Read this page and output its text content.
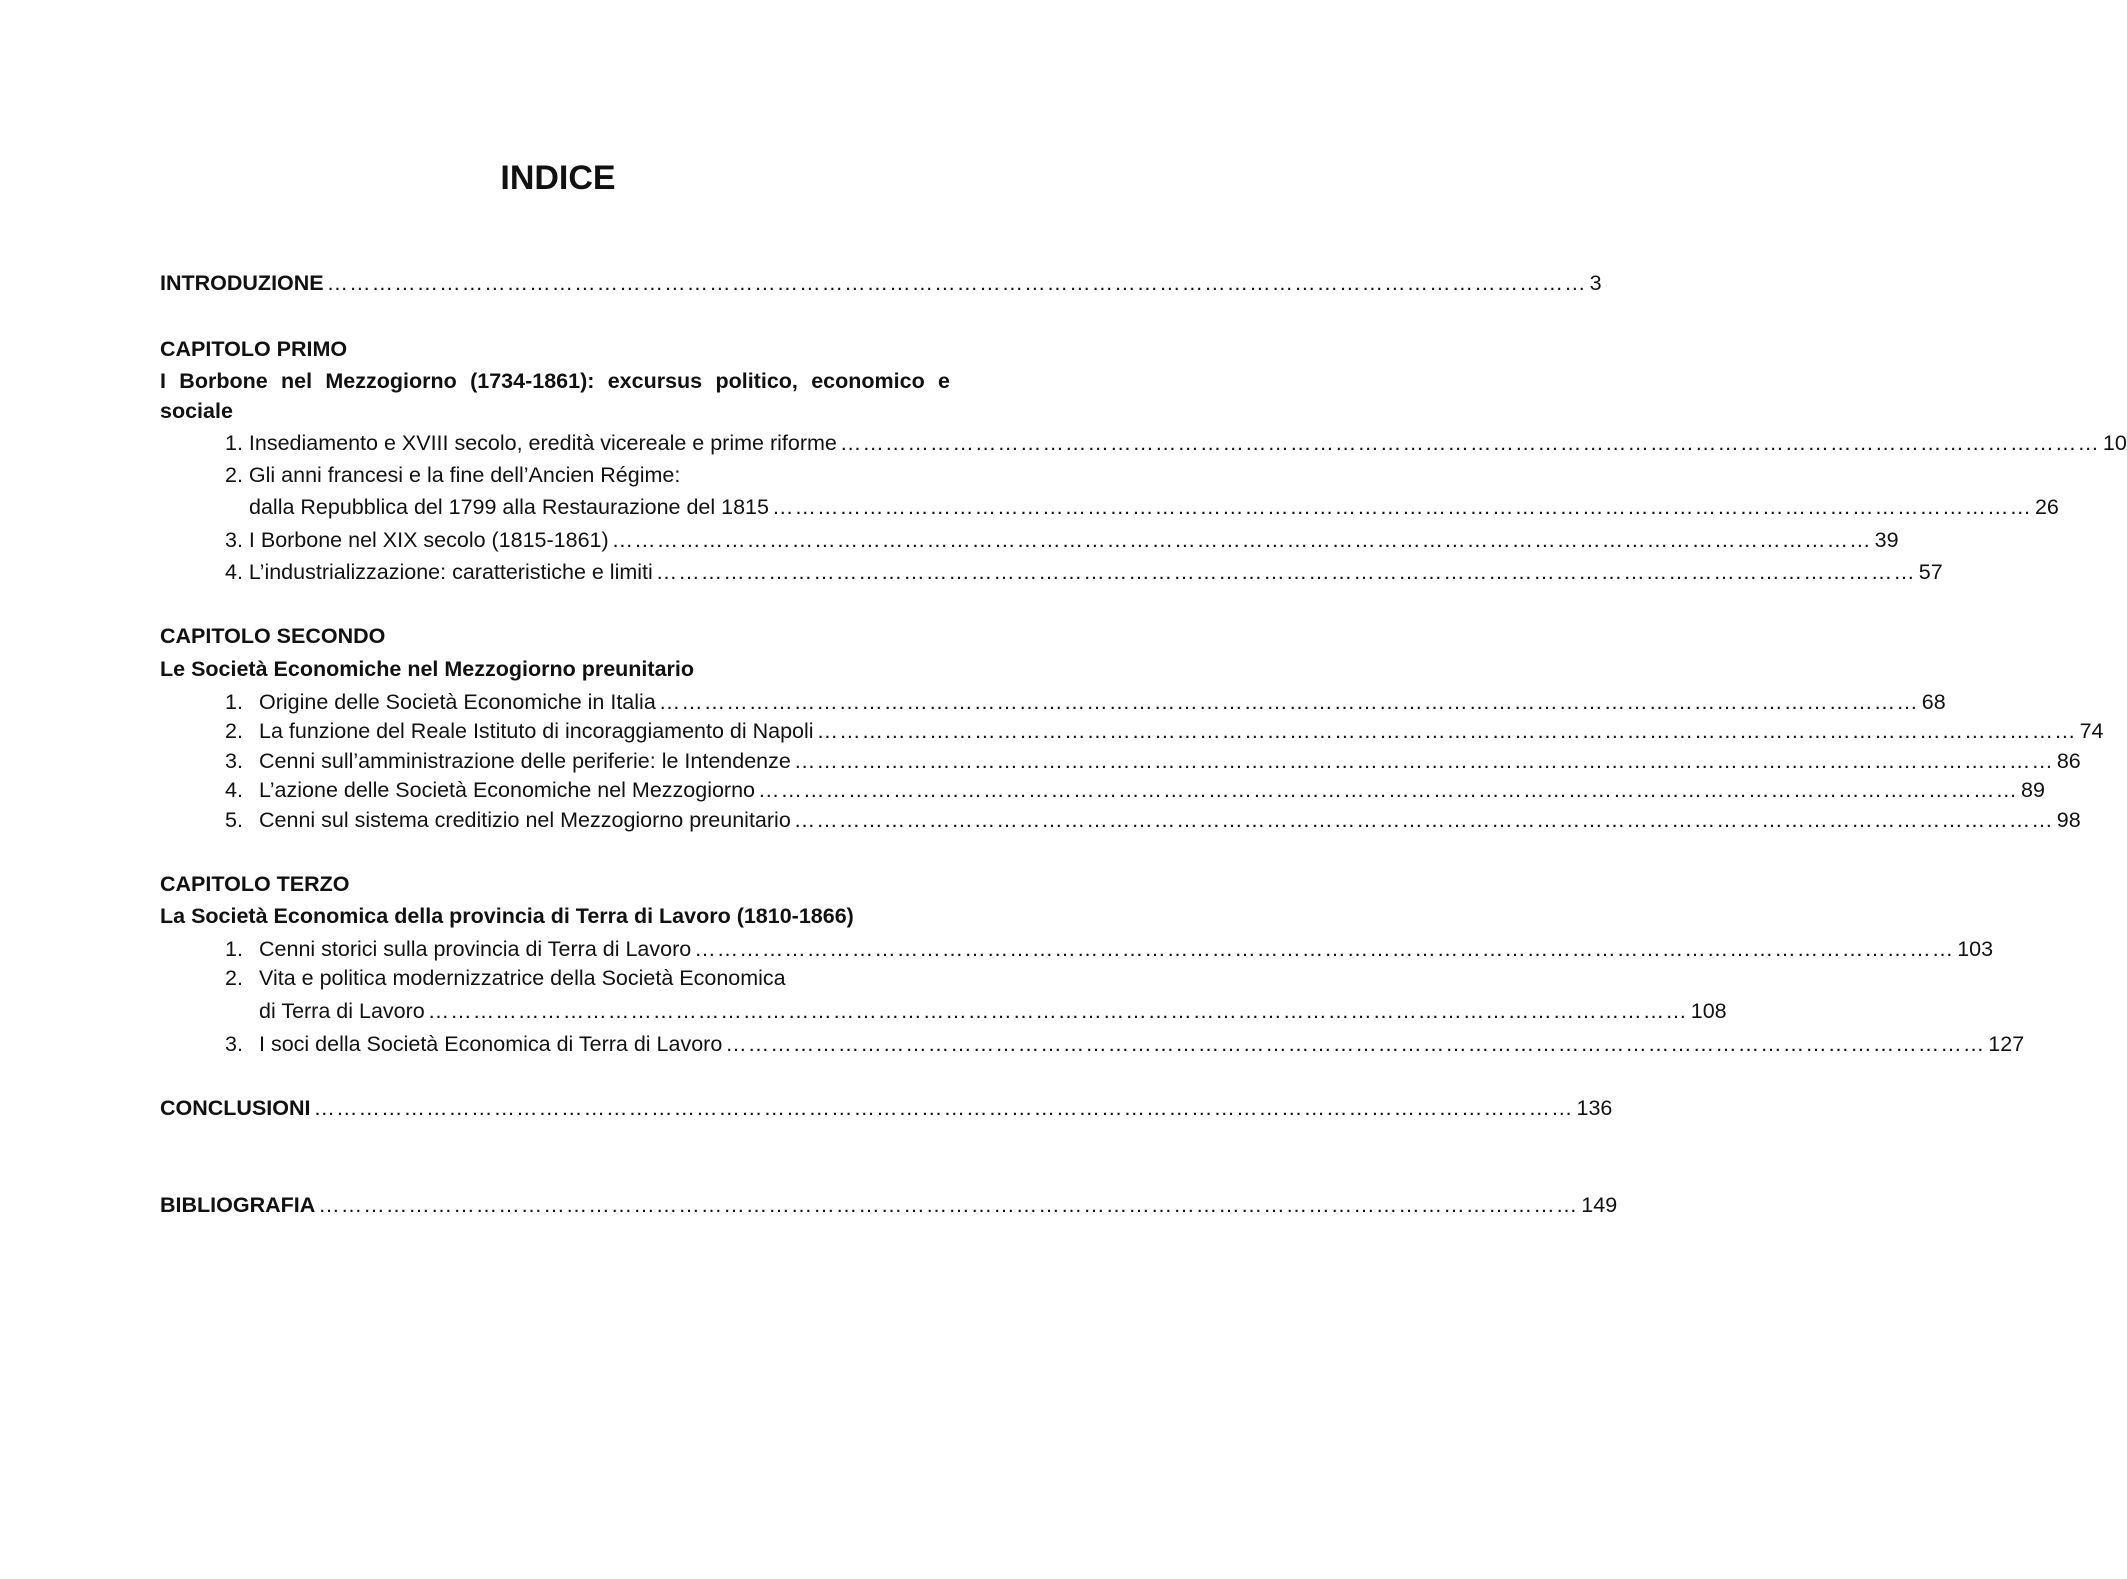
INDICE
INTRODUZIONE …………………………………………………………………………………………………………………………………………………… 3
CAPITOLO PRIMO
I Borbone nel Mezzogiorno (1734-1861): excursus politico, economico e
sociale
1. Insediamento e XVIII secolo, eredità vicereale e prime riforme …………………………………………………………………………………………………………………………………………………… 10
2. Gli anni francesi e la fine dell’Ancien Régime:
dalla Repubblica del 1799 alla Restaurazione del 1815 …………………………………………………………………………………………………………………………………………………… 26
3. I Borbone nel XIX secolo (1815-1861) …………………………………………………………………………………………………………………………………………………… 39
4. L’industrializzazione: caratteristiche e limiti …………………………………………………………………………………………………………………………………………………… 57
CAPITOLO SECONDO
Le Società Economiche nel Mezzogiorno preunitario
1. Origine delle Società Economiche in Italia …………………………………………………………………………………………………………………………………………………… 68
2. La funzione del Reale Istituto di incoraggiamento di Napoli …………………………………………………………………………………………………………………………………………………… 74
3. Cenni sull’amministrazione delle periferie: le Intendenze …………………………………………………………………………………………………………………………………………………… 86
4. L’azione delle Società Economiche nel Mezzogiorno …………………………………………………………………………………………………………………………………………………… 89
5. Cenni sul sistema creditizio nel Mezzogiorno preunitario …………………………………………………………………………………………………………………………………………………… 98
CAPITOLO TERZO
La Società Economica della provincia di Terra di Lavoro (1810-1866)
1. Cenni storici sulla provincia di Terra di Lavoro …………………………………………………………………………………………………………………………………………………… 103
2. Vita e politica modernizzatrice della Società Economica
di Terra di Lavoro …………………………………………………………………………………………………………………………………………………… 108
3. I soci della Società Economica di Terra di Lavoro …………………………………………………………………………………………………………………………………………………… 127
CONCLUSIONI …………………………………………………………………………………………………………………………………………………… 136
BIBLIOGRAFIA …………………………………………………………………………………………………………………………………………………… 149
